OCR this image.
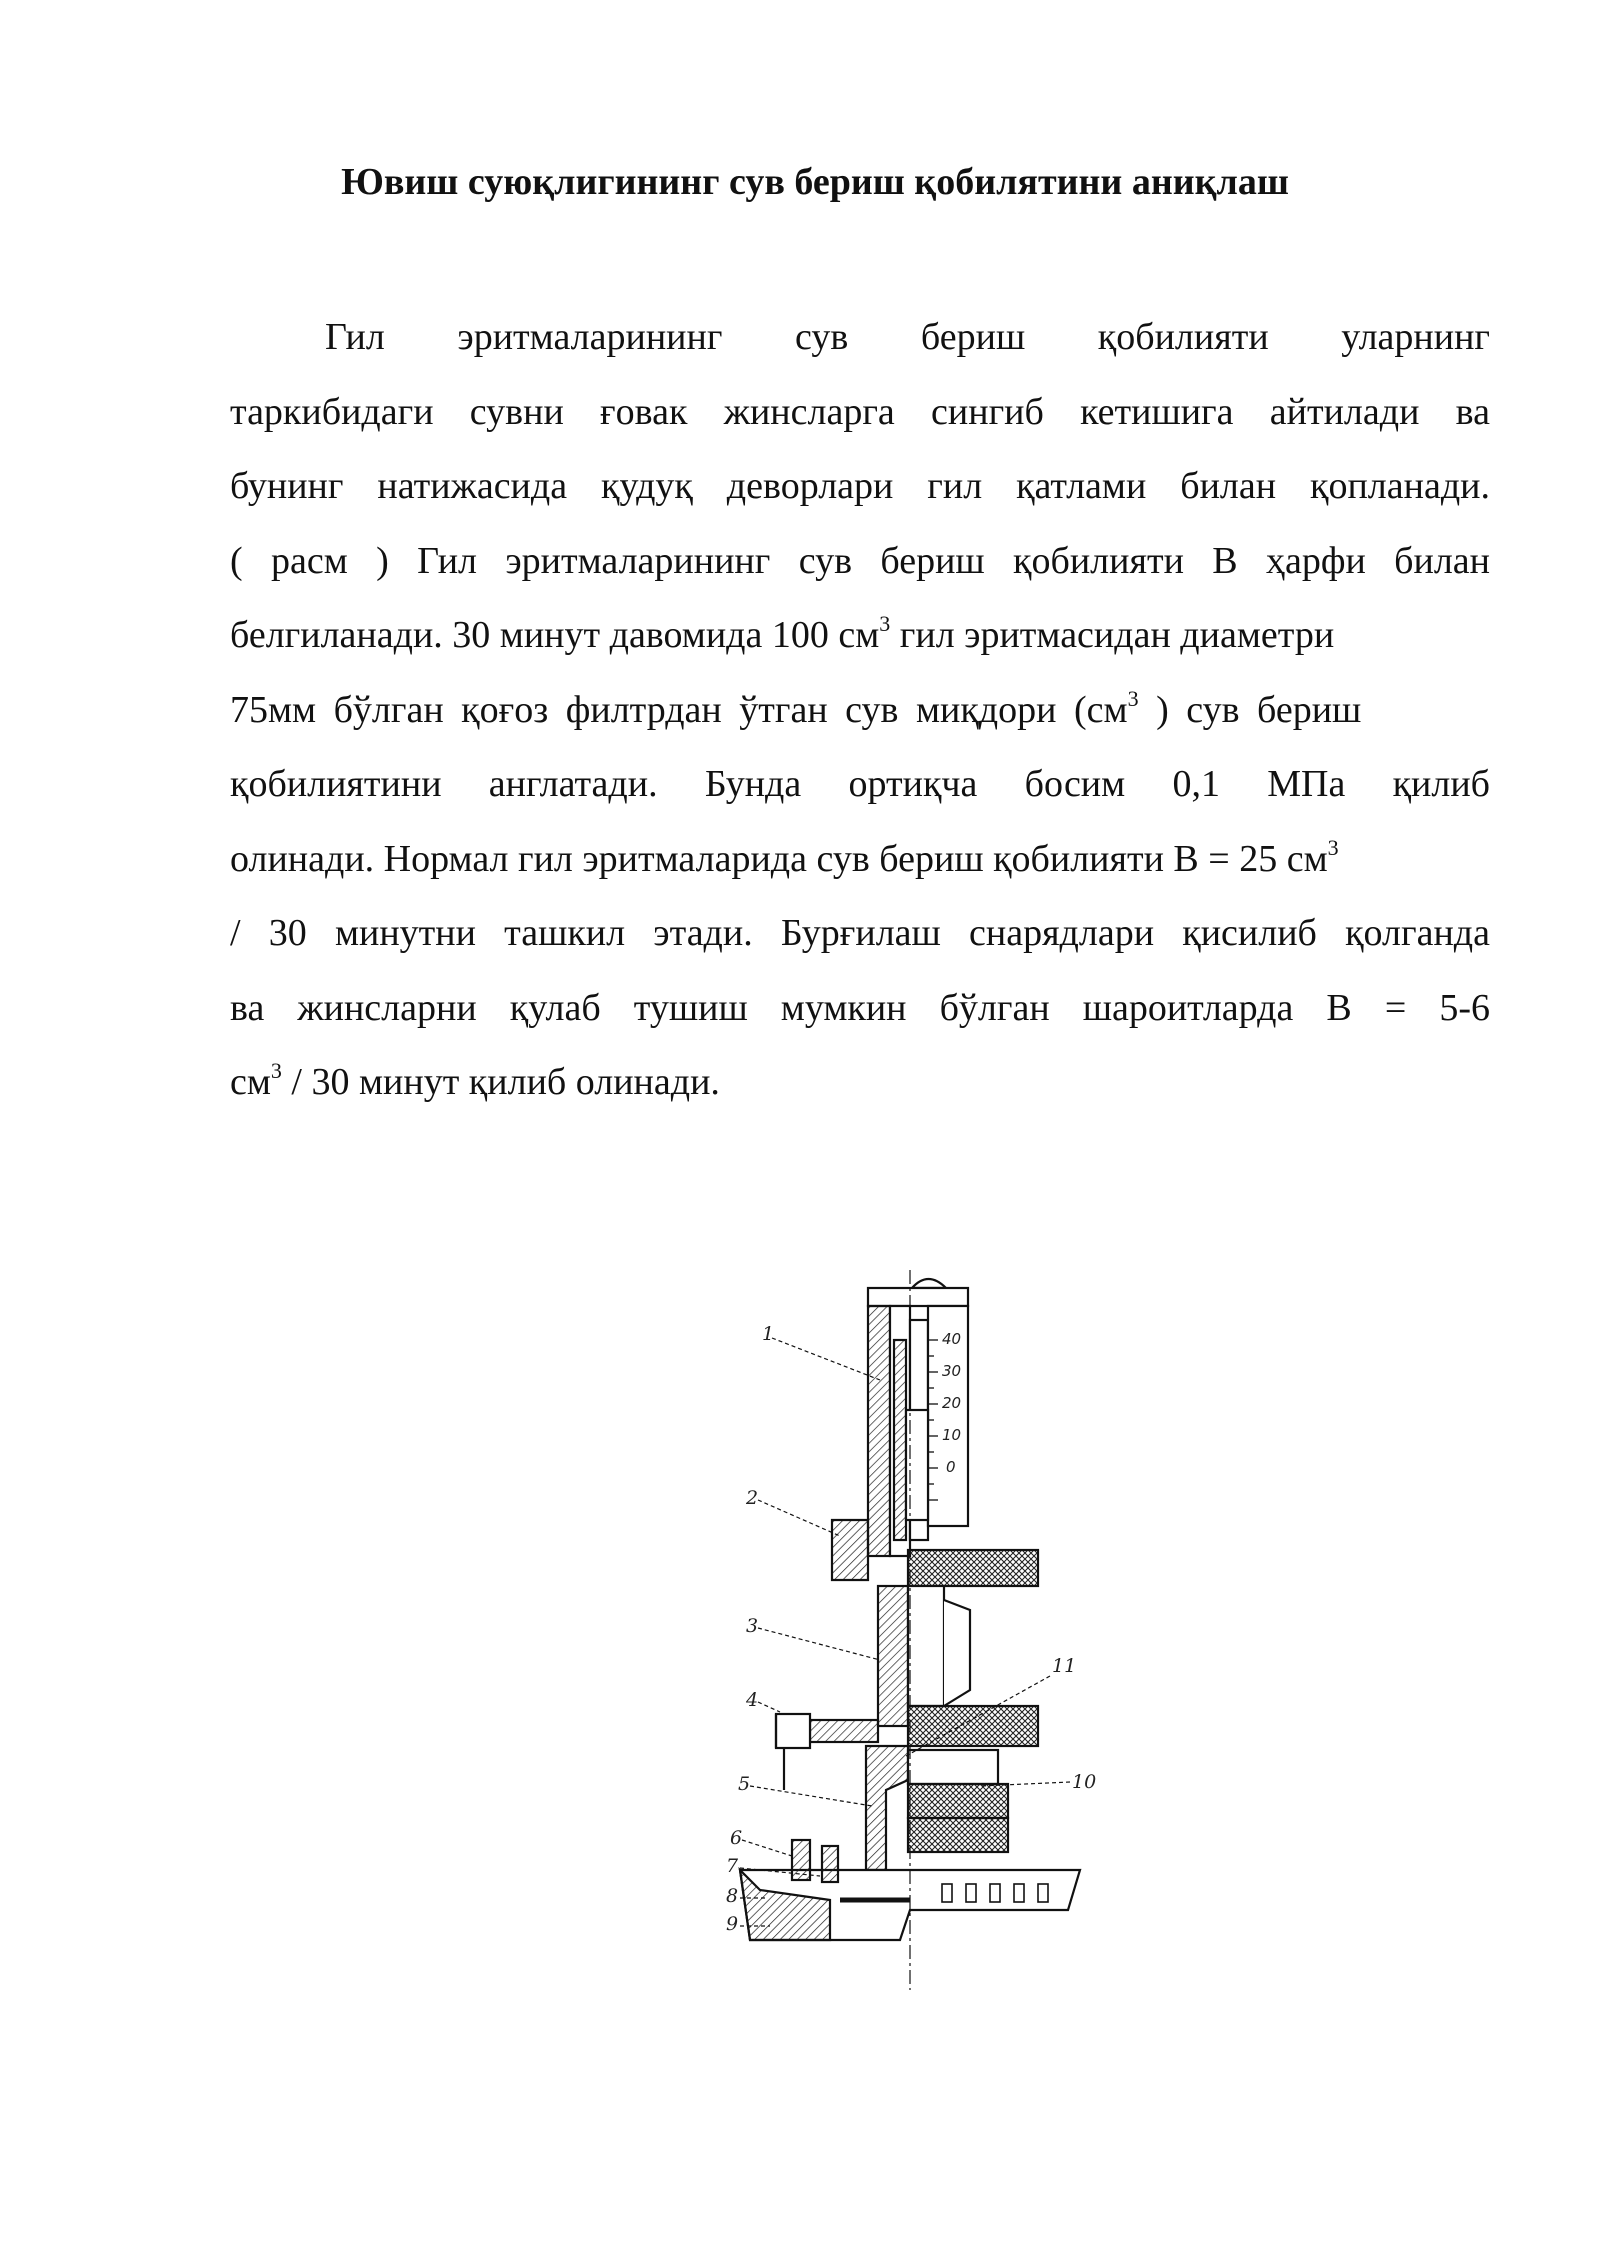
Ювиш суюқлигининг сув бериш қобилятини аниқлаш
Гил эритмаларининг сув бериш қобилияти уларнинг
таркибидаги сувни ғовак жинсларга сингиб кетишига айтилади ва
бунинг натижасида қудуқ деворлари гил қатлами билан қопланади.
( расм ) Гил эритмаларининг сув бериш қобилияти В ҳарфи билан
белгиланади. 30 минут давомида 100 $см^3$ гил эритмасидан диаметри
75мм бўлган қоғоз филтрдан ўтган сув миқдори ($см^3$ ) сув бериш
қобилиятини англатади. Бунда ортиқча босим 0,1 МПа қилиб
олинади. Нормал гил эритмаларида сув бериш қобилияти В = 25 $см^3$
/ 30 минутни ташкил этади. Бурғилаш снарядлари қисилиб қолганда
ва жинсларни қулаб тушиш мумкин бўлган шароитларда В = 5-6
$см^3 / 30$ минут қилиб олинади.
40
30
20
10
0
1
2
3
4
5
6
7
8
9
10
11
